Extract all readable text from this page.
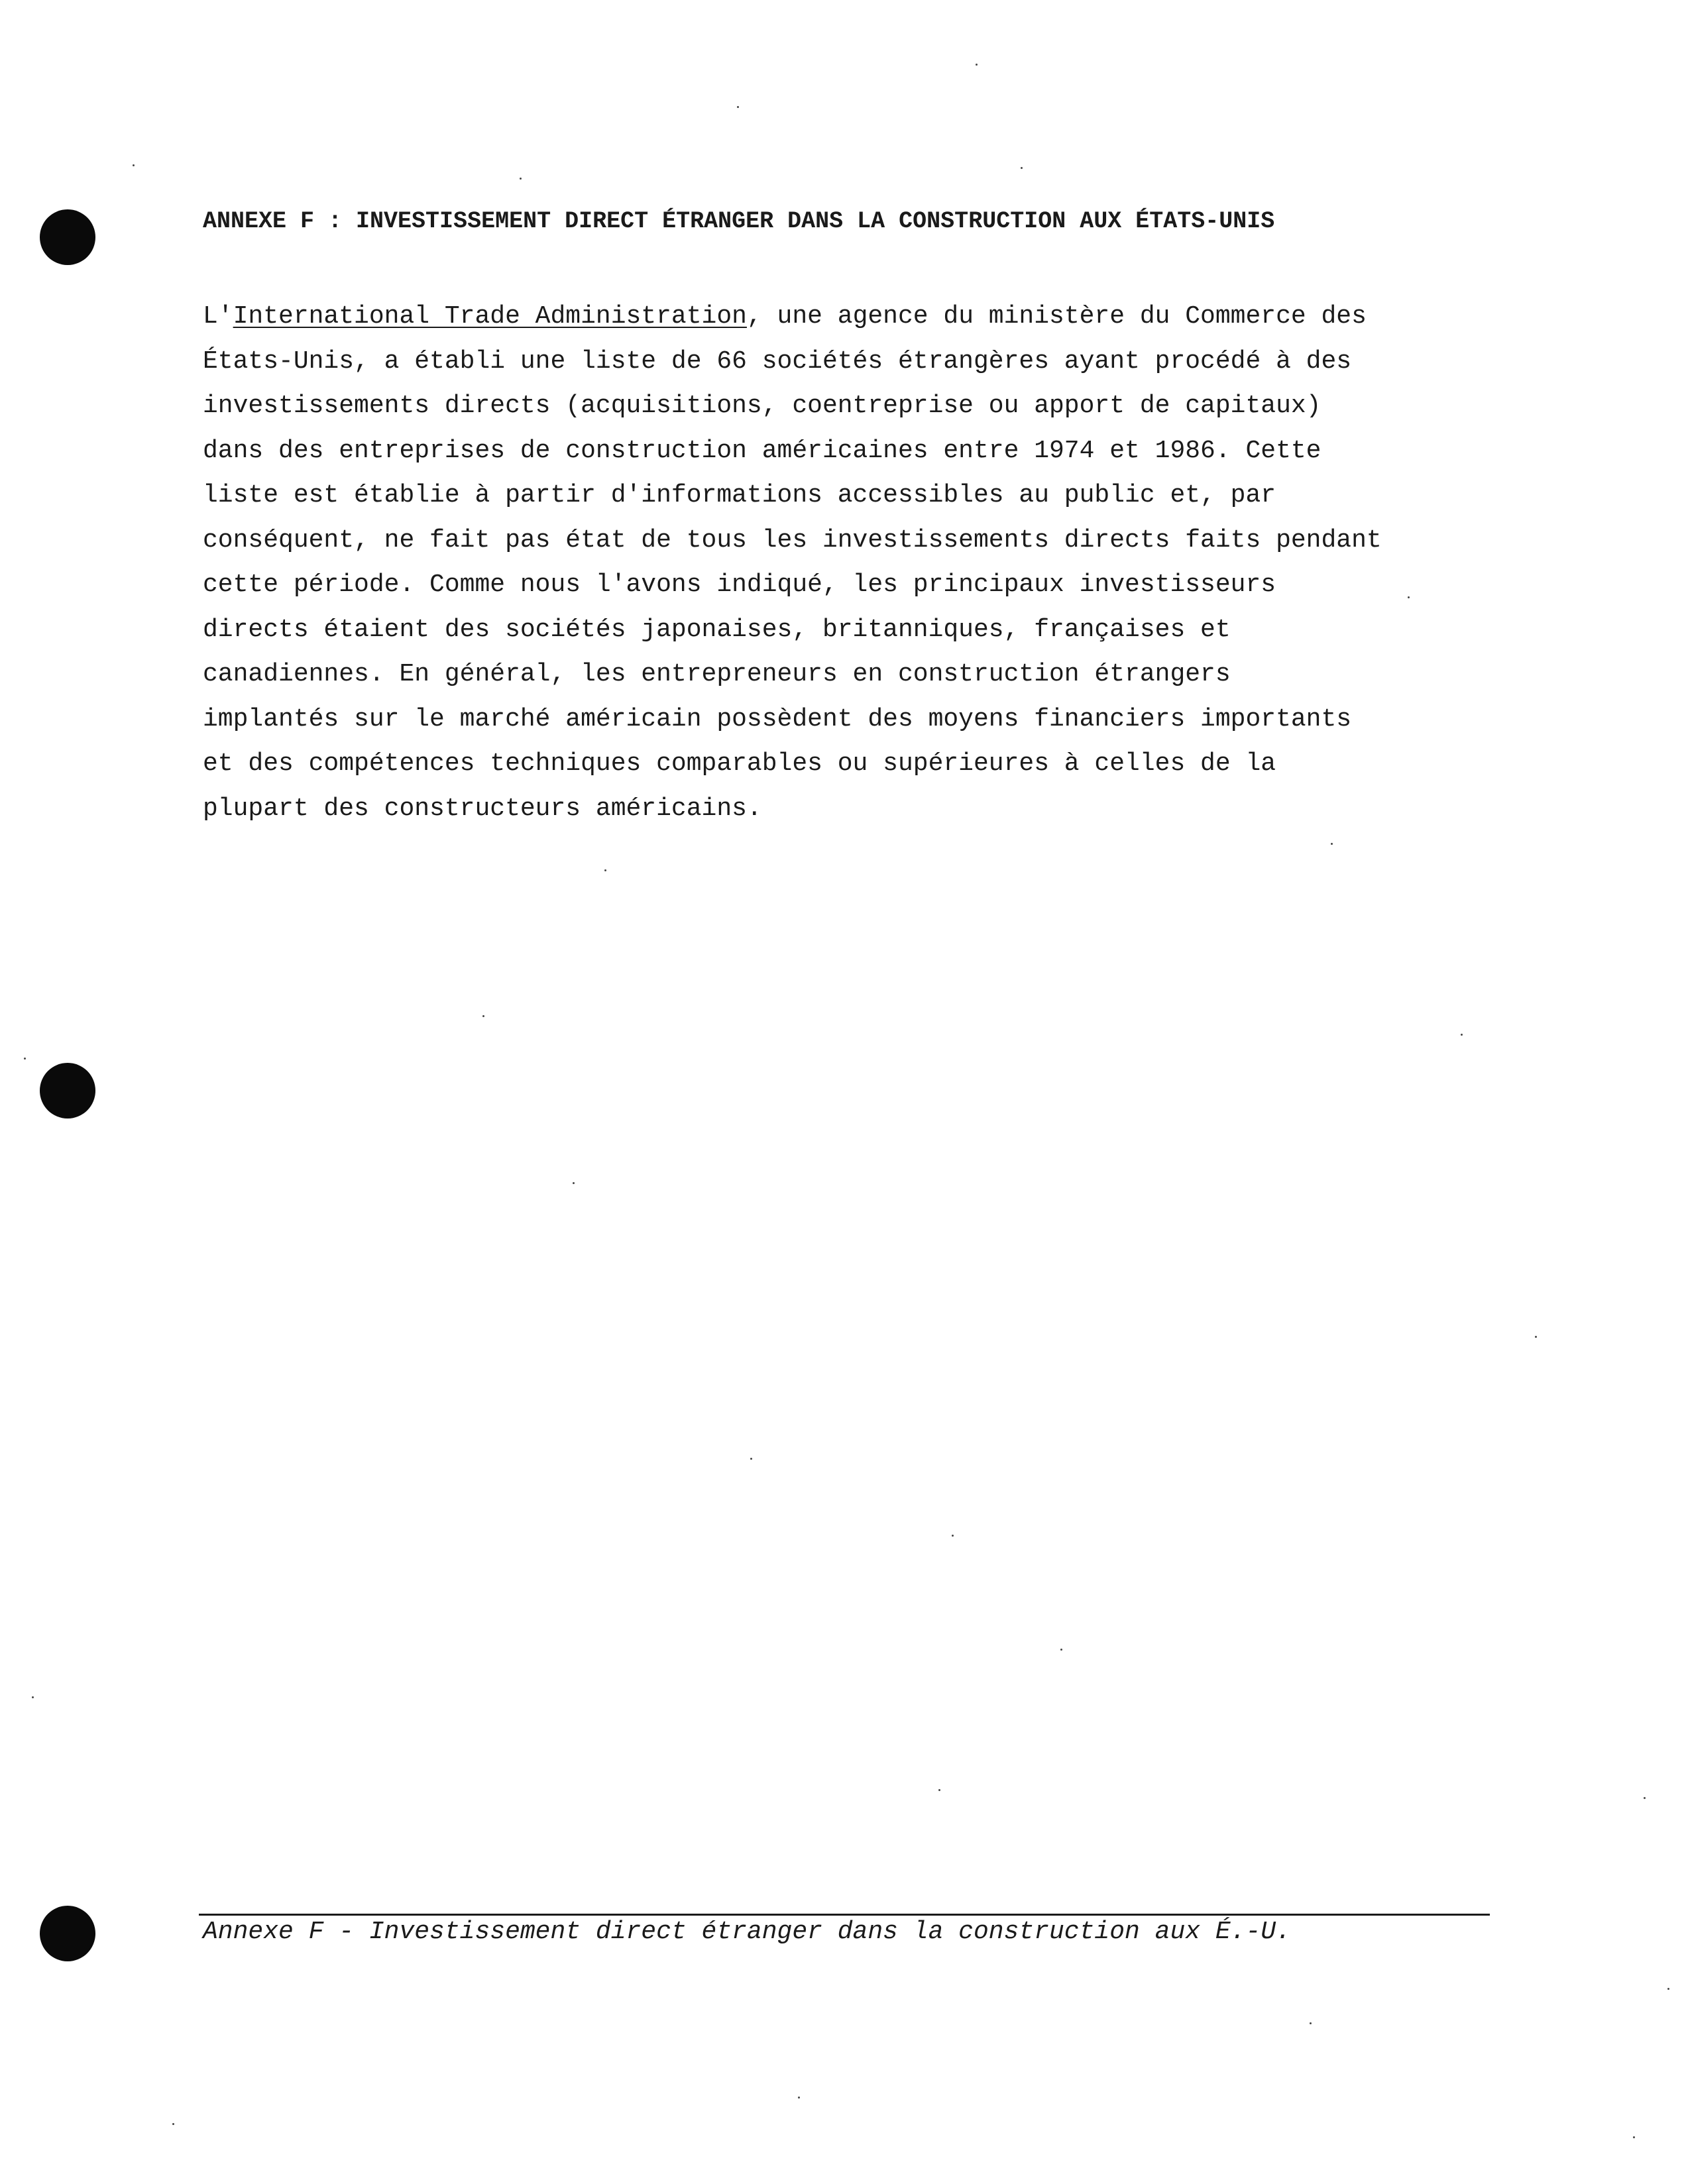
ANNEXE F : INVESTISSEMENT DIRECT ÉTRANGER DANS LA CONSTRUCTION AUX ÉTATS-UNIS
L'International Trade Administration, une agence du ministère du Commerce des
États-Unis, a établi une liste de 66 sociétés étrangères ayant procédé à des
investissements directs (acquisitions, coentreprise ou apport de capitaux)
dans des entreprises de construction américaines entre 1974 et 1986. Cette
liste est établie à partir d'informations accessibles au public et, par
conséquent, ne fait pas état de tous les investissements directs faits pendant
cette période. Comme nous l'avons indiqué, les principaux investisseurs
directs étaient des sociétés japonaises, britanniques, françaises et
canadiennes. En général, les entrepreneurs en construction étrangers
implantés sur le marché américain possèdent des moyens financiers importants
et des compétences techniques comparables ou supérieures à celles de la
plupart des constructeurs américains.
Annexe F - Investissement direct étranger dans la construction aux É.-U.
